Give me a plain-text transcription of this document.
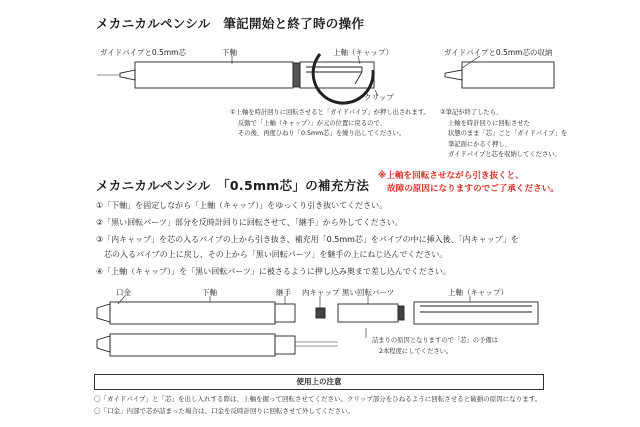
メカニカルペンシル　筆記開始と終了時の操作
ガイドパイプと0.5mm芯	下軸	上軸（キャップ）
クリップ
ガイドパイプと0.5mm芯の収納
①上軸を時計回りに回転させると「ガイドパイプ」が押し出されます。
反動で「上軸（キャップ）」が元の位置に戻るので、
その後、再度ひねり「0.5mm芯」を繰り出してください。
②筆記が終了したら、
上軸を時計回りに回転させた
状態のまま「芯」ごと「ガイドパイプ」を
筆記面にかるく押し、
ガイドパイプと芯を収納してください。
メカニカルペンシル　「0.5mm芯」の補充方法
※上軸を回転させながら引き抜くと、
故障の原因になりますのでご了承ください。
①「下軸」を固定しながら「上軸（キャップ）」をゆっくり引き抜いてください。
②「黒い回転パーツ」部分を反時計回りに回転させて、「継手」から外してください。
③「内キャップ」を芯の入るパイプの上から引き抜き、補充用「0.5mm芯」をパイプの中に挿入後、「内キャップ」を
　芯の入るパイプの上に戻し、その上から「黒い回転パーツ」を継手の上にねじ込んでください。
④「上軸（キャップ）」を「黒い回転パーツ」に被さるように押し込み奥まで差し込んでください。
口金	下軸	継手 内キャップ 黒い回転パーツ	上軸（キャップ）
詰まりの原因となりますので「芯」の予備は
2本程度にしてください。
使用上の注意
〇「ガイドパイプ」と「芯」を出し入れする際は、上軸を握って回転させてください。クリップ部分をひねるように回転させると破損の原因になります。
〇「口金」内部で芯が詰まった場合は、口金を反時計回りに回転させて外してください。
